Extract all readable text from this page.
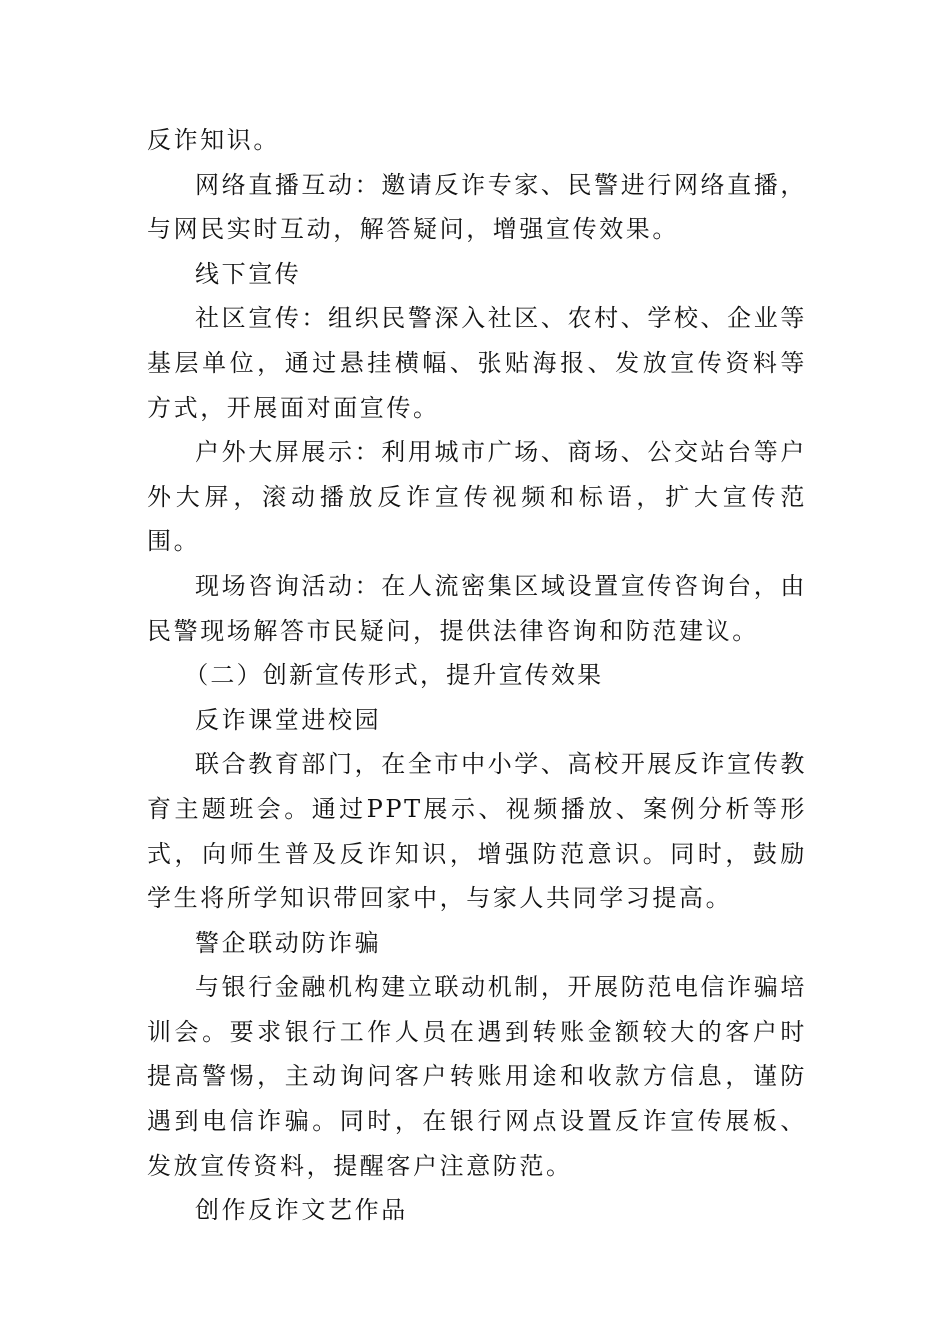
反诈知识。

网络直播互动：邀请反诈专家、民警进行网络直播，与网民实时互动，解答疑问，增强宣传效果。

线下宣传

社区宣传：组织民警深入社区、农村、学校、企业等基层单位，通过悬挂横幅、张贴海报、发放宣传资料等方式，开展面对面宣传。

户外大屏展示：利用城市广场、商场、公交站台等户外大屏，滚动播放反诈宣传视频和标语，扩大宣传范围。

现场咨询活动：在人流密集区域设置宣传咨询台，由民警现场解答市民疑问，提供法律咨询和防范建议。

（二）创新宣传形式，提升宣传效果

反诈课堂进校园

联合教育部门，在全市中小学、高校开展反诈宣传教育主题班会。通过PPT展示、视频播放、案例分析等形式，向师生普及反诈知识，增强防范意识。同时，鼓励学生将所学知识带回家中，与家人共同学习提高。

警企联动防诈骗

与银行金融机构建立联动机制，开展防范电信诈骗培训会。要求银行工作人员在遇到转账金额较大的客户时提高警惕，主动询问客户转账用途和收款方信息，谨防遇到电信诈骗。同时，在银行网点设置反诈宣传展板、发放宣传资料，提醒客户注意防范。

创作反诈文艺作品
